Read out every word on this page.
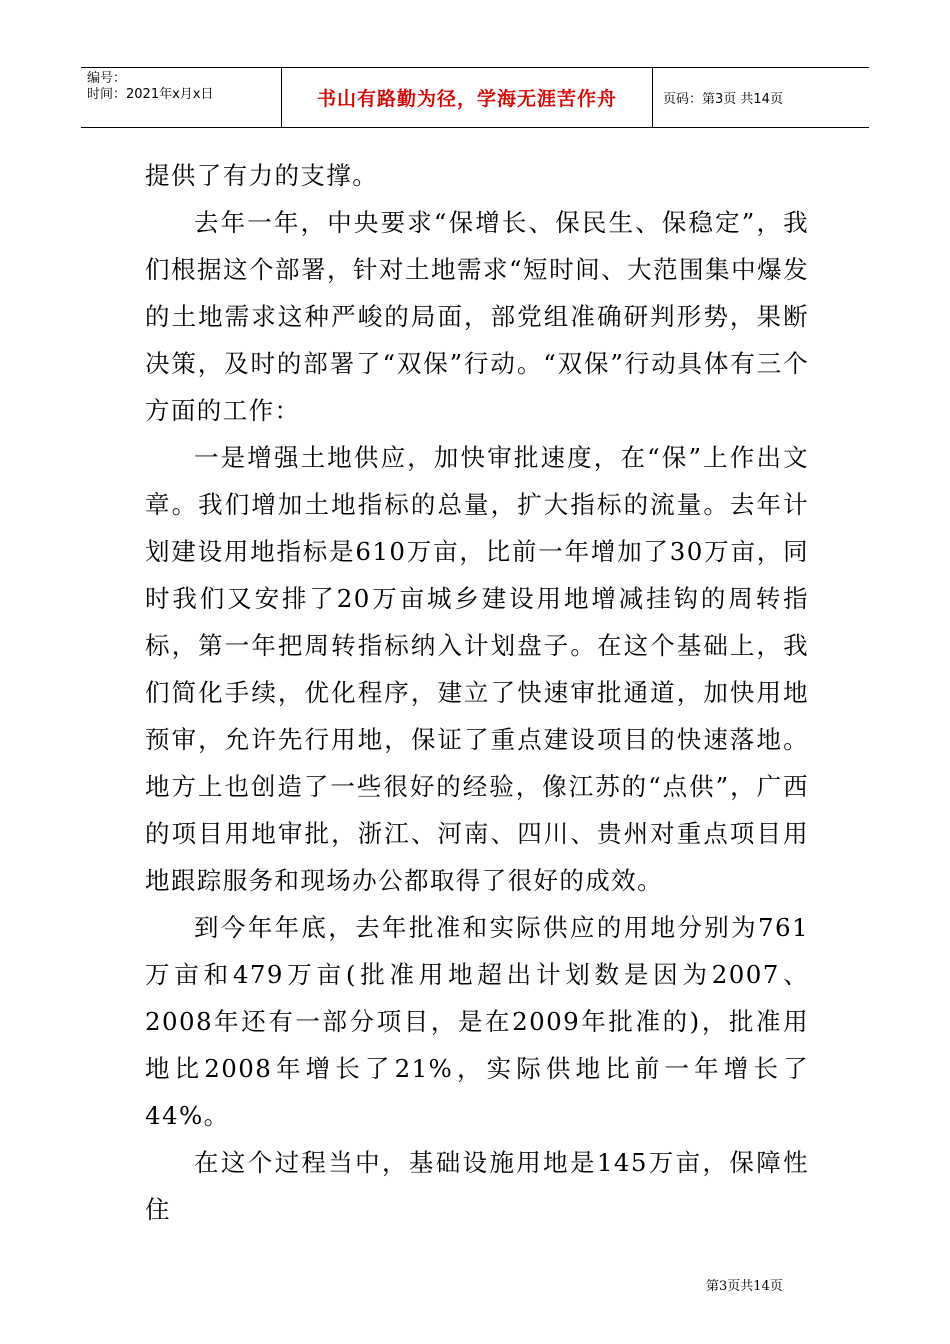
编号：
时间：2021年x月x日	书山有路勤为径，学海无涯苦作舟	页码：第3页 共14页

提供了有力的支撑。

去年一年，中央要求“保增长、保民生、保稳定”，我们根据这个部署，针对土地需求“短时间、大范围集中爆发的土地需求这种严峻的局面，部党组准确研判形势，果断决策，及时的部署了“双保”行动。“双保”行动具体有三个方面的工作：

一是增强土地供应，加快审批速度，在“保”上作出文章。我们增加土地指标的总量，扩大指标的流量。去年计划建设用地指标是610万亩，比前一年增加了30万亩，同时我们又安排了20万亩城乡建设用地增减挂钩的周转指标，第一年把周转指标纳入计划盘子。在这个基础上，我们简化手续，优化程序，建立了快速审批通道，加快用地预审，允许先行用地，保证了重点建设项目的快速落地。地方上也创造了一些很好的经验，像江苏的“点供”，广西的项目用地审批，浙江、河南、四川、贵州对重点项目用地跟踪服务和现场办公都取得了很好的成效。

到今年年底，去年批准和实际供应的用地分别为761万亩和479万亩(批准用地超出计划数是因为2007、2008年还有一部分项目，是在2009年批准的)，批准用地比2008年增长了21%，实际供地比前一年增长了44%。

在这个过程当中，基础设施用地是145万亩，保障性住

第3页共14页
